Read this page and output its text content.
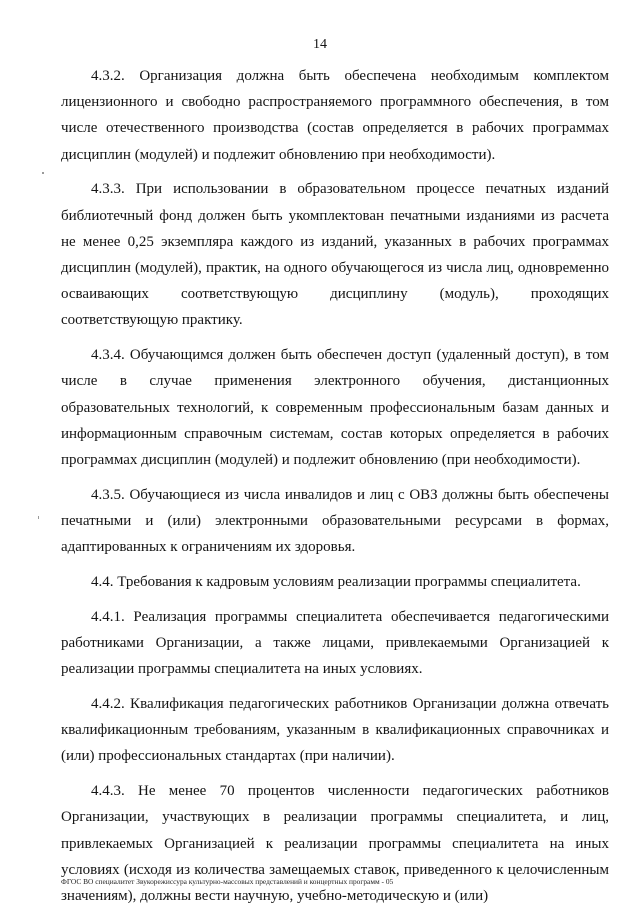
14

4.3.2. Организация должна быть обеспечена необходимым комплектом лицензионного и свободно распространяемого программного обеспечения, в том числе отечественного производства (состав определяется в рабочих программах дисциплин (модулей) и подлежит обновлению при необходимости).

4.3.3. При использовании в образовательном процессе печатных изданий библиотечный фонд должен быть укомплектован печатными изданиями из расчета не менее 0,25 экземпляра каждого из изданий, указанных в рабочих программах дисциплин (модулей), практик, на одного обучающегося из числа лиц, одновременно осваивающих соответствующую дисциплину (модуль), проходящих соответствующую практику.

4.3.4. Обучающимся должен быть обеспечен доступ (удаленный доступ), в том числе в случае применения электронного обучения, дистанционных образовательных технологий, к современным профессиональным базам данных и информационным справочным системам, состав которых определяется в рабочих программах дисциплин (модулей) и подлежит обновлению (при необходимости).

4.3.5. Обучающиеся из числа инвалидов и лиц с ОВЗ должны быть обеспечены печатными и (или) электронными образовательными ресурсами в формах, адаптированных к ограничениям их здоровья.

4.4. Требования к кадровым условиям реализации программы специалитета.

4.4.1. Реализация программы специалитета обеспечивается педагогическими работниками Организации, а также лицами, привлекаемыми Организацией к реализации программы специалитета на иных условиях.

4.4.2. Квалификация педагогических работников Организации должна отвечать квалификационным требованиям, указанным в квалификационных справочниках и (или) профессиональных стандартах (при наличии).

4.4.3. Не менее 70 процентов численности педагогических работников Организации, участвующих в реализации программы специалитета, и лиц, привлекаемых Организацией к реализации программы специалитета на иных условиях (исходя из количества замещаемых ставок, приведенного к целочисленным значениям), должны вести научную, учебно-методическую и (или)

ФГОС ВО специалитет Звукорежиссура культурно-массовых представлений и концертных программ - 05
